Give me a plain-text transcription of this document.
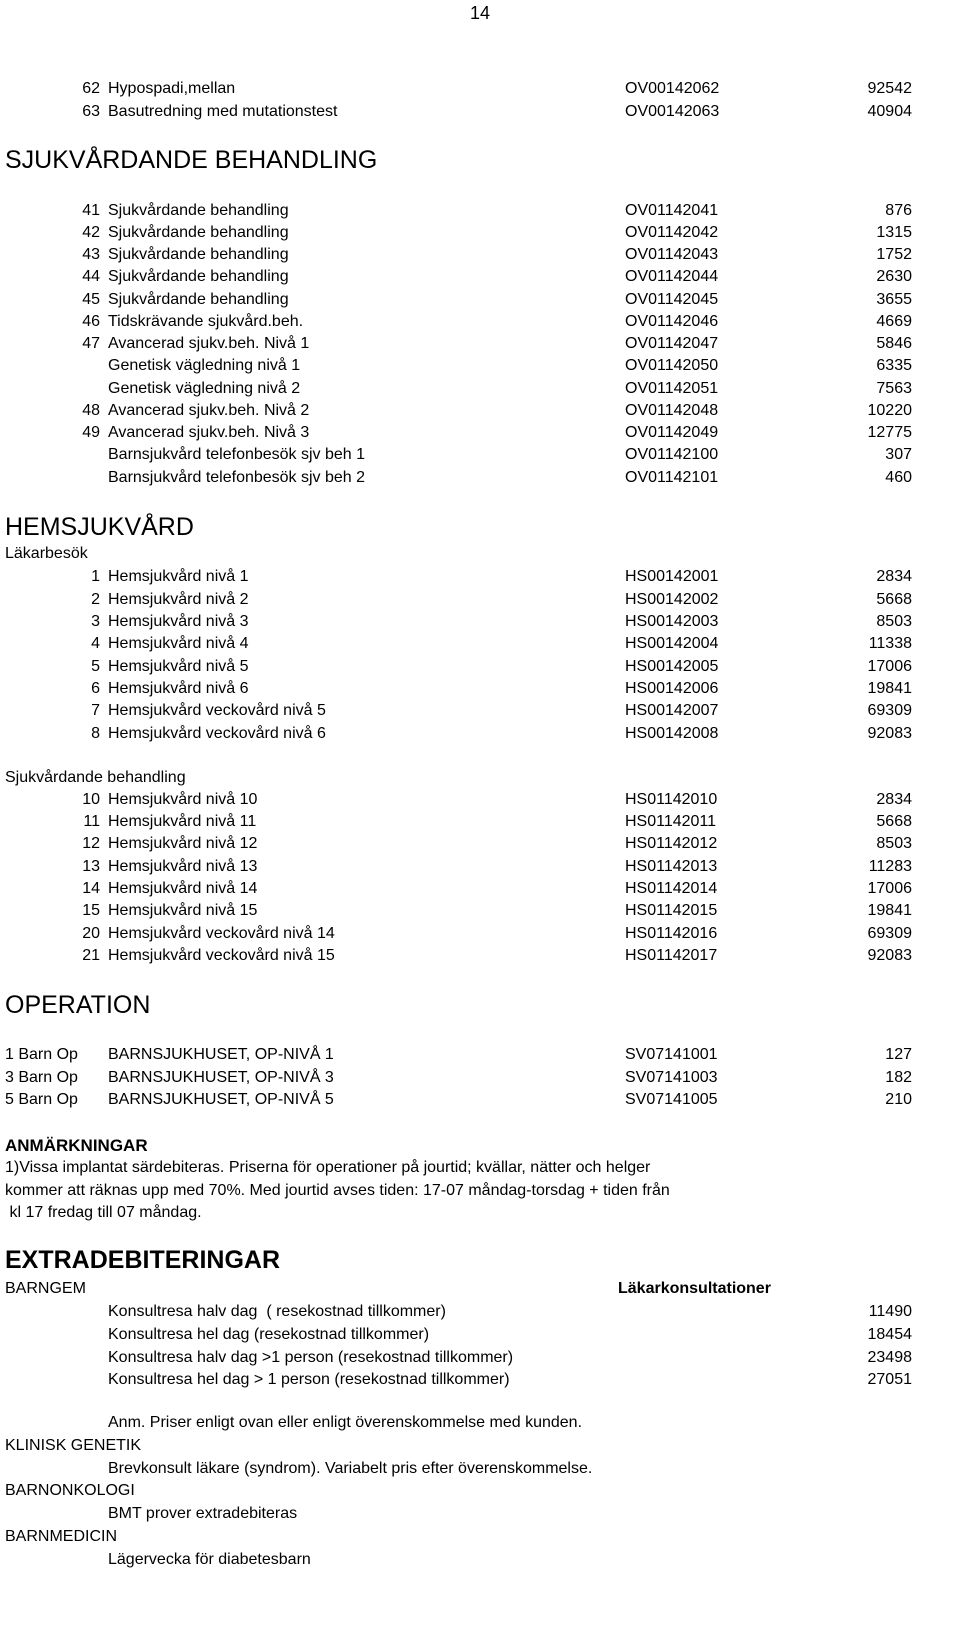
14
62 Hypospadi,mellan	OV00142062	92542
63 Basutredning med mutationstest	OV00142063	40904
SJUKVÅRDANDE BEHANDLING
41 Sjukvårdande behandling	OV01142041	876
42 Sjukvårdande behandling	OV01142042	1315
43 Sjukvårdande behandling	OV01142043	1752
44 Sjukvårdande behandling	OV01142044	2630
45 Sjukvårdande behandling	OV01142045	3655
46 Tidskrävande sjukvård.beh.	OV01142046	4669
47 Avancerad sjukv.beh. Nivå 1	OV01142047	5846
Genetisk vägledning nivå 1	OV01142050	6335
Genetisk vägledning nivå 2	OV01142051	7563
48 Avancerad sjukv.beh. Nivå 2	OV01142048	10220
49 Avancerad sjukv.beh. Nivå 3	OV01142049	12775
Barnsjukvård telefonbesök sjv beh 1	OV01142100	307
Barnsjukvård telefonbesök sjv beh 2	OV01142101	460
HEMSJUKVÅRD
Läkarbesök
1 Hemsjukvård nivå 1	HS00142001	2834
2 Hemsjukvård nivå 2	HS00142002	5668
3 Hemsjukvård nivå 3	HS00142003	8503
4 Hemsjukvård nivå 4	HS00142004	11338
5 Hemsjukvård nivå 5	HS00142005	17006
6 Hemsjukvård nivå 6	HS00142006	19841
7 Hemsjukvård veckovård nivå 5	HS00142007	69309
8 Hemsjukvård veckovård nivå 6	HS00142008	92083
Sjukvårdande behandling
10 Hemsjukvård nivå 10	HS01142010	2834
11 Hemsjukvård nivå 11	HS01142011	5668
12 Hemsjukvård nivå 12	HS01142012	8503
13 Hemsjukvård nivå 13	HS01142013	11283
14 Hemsjukvård nivå 14	HS01142014	17006
15 Hemsjukvård nivå 15	HS01142015	19841
20 Hemsjukvård veckovård nivå 14	HS01142016	69309
21 Hemsjukvård veckovård nivå 15	HS01142017	92083
OPERATION
1 Barn Op BARNSJUKHUSET, OP-NIVÅ 1	SV07141001	127
3 Barn Op BARNSJUKHUSET, OP-NIVÅ 3	SV07141003	182
5 Barn Op BARNSJUKHUSET, OP-NIVÅ 5	SV07141005	210
ANMÄRKNINGAR
1)Vissa implantat särdebiteras. Priserna för operationer på jourtid; kvällar, nätter och helger
kommer att räknas upp med 70%. Med jourtid avses tiden: 17-07 måndag-torsdag + tiden från
kl 17 fredag till 07 måndag.
EXTRADEBITERINGAR
BARNGEM	Läkarkonsultationer
Konsultresa halv dag  ( resekostnad tillkommer)	11490
Konsultresa hel dag (resekostnad tillkommer)	18454
Konsultresa halv dag >1 person (resekostnad tillkommer)	23498
Konsultresa hel dag > 1 person (resekostnad tillkommer)	27051
Anm. Priser enligt ovan eller enligt överenskommelse med kunden.
KLINISK GENETIK
Brevkonsult läkare (syndrom). Variabelt pris efter överenskommelse.
BARNONKOLOGI
BMT prover extradebiteras
BARNMEDICIN
Lägervecka för diabetesbarn
